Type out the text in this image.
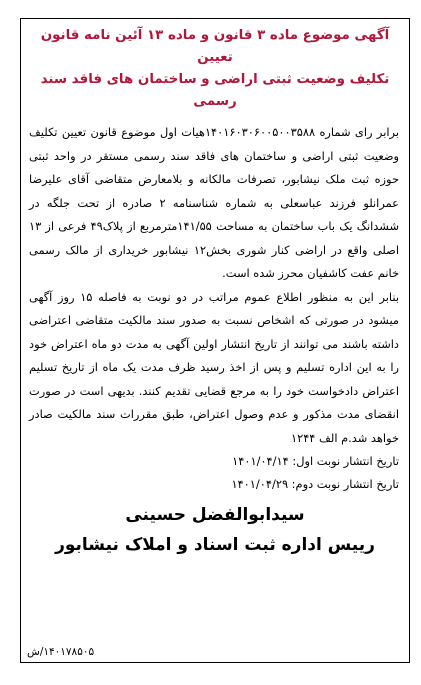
آگهی موضوع ماده ۳ قانون و ماده ۱۳ آئین نامه قانون تعیین
تکلیف وضعیت ثبتی اراضی و ساختمان های فاقد سند رسمی

برابر رای شماره ۱۴۰۱۶۰۳۰۶۰۰۵۰۰۳۵۸۸هیات اول موضوع قانون تعیین تکلیف وضعیت ثبتی اراضی و ساختمان های فاقد سند رسمی مستقر در واحد ثبتی حوزه ثبت ملک نیشابور، تصرفات مالکانه و بلامعارض متقاضی آقای علیرضا عمرانلو فرزند عباسعلی به شماره شناسنامه ۲ صادره از تحت جلگه در ششدانگ یک باب ساختمان به مساحت ۱۴۱/۵۵مترمربع از پلاک۴۹ فرعی از ۱۳ اصلی واقع در اراضی کنار شوری بخش۱۲ نیشابور خریداری از مالک رسمی خانم عفت کاشفیان محرز شده است.

بنابر این به منظور اطلاع عموم مراتب در دو نوبت به فاصله ۱۵ روز آگهی میشود در صورتی که اشخاص نسبت به صدور سند مالکیت متقاضی اعتراضی داشته باشند می توانند از تاریخ انتشار اولین آگهی به مدت دو ماه اعتراض خود را به این اداره تسلیم و پس از اخذ رسید ظرف مدت یک ماه از تاریخ تسلیم اعتراض دادخواست خود را به مرجع قضایی تقدیم کنند. بدیهی است در صورت انقضای مدت مذکور و عدم وصول اعتراض، طبق مقررات سند مالکیت صادر خواهد شد.م الف ۱۲۴۴

تاریخ انتشار نوبت اول: ۱۴۰۱/۰۴/۱۴
تاریخ انتشار نوبت دوم: ۱۴۰۱/۰۴/۲۹
سیدابوالفضل حسینی
رییس اداره ثبت اسناد و املاک نیشابور
۱۴۰۱۷۸۵۰۵/ش
